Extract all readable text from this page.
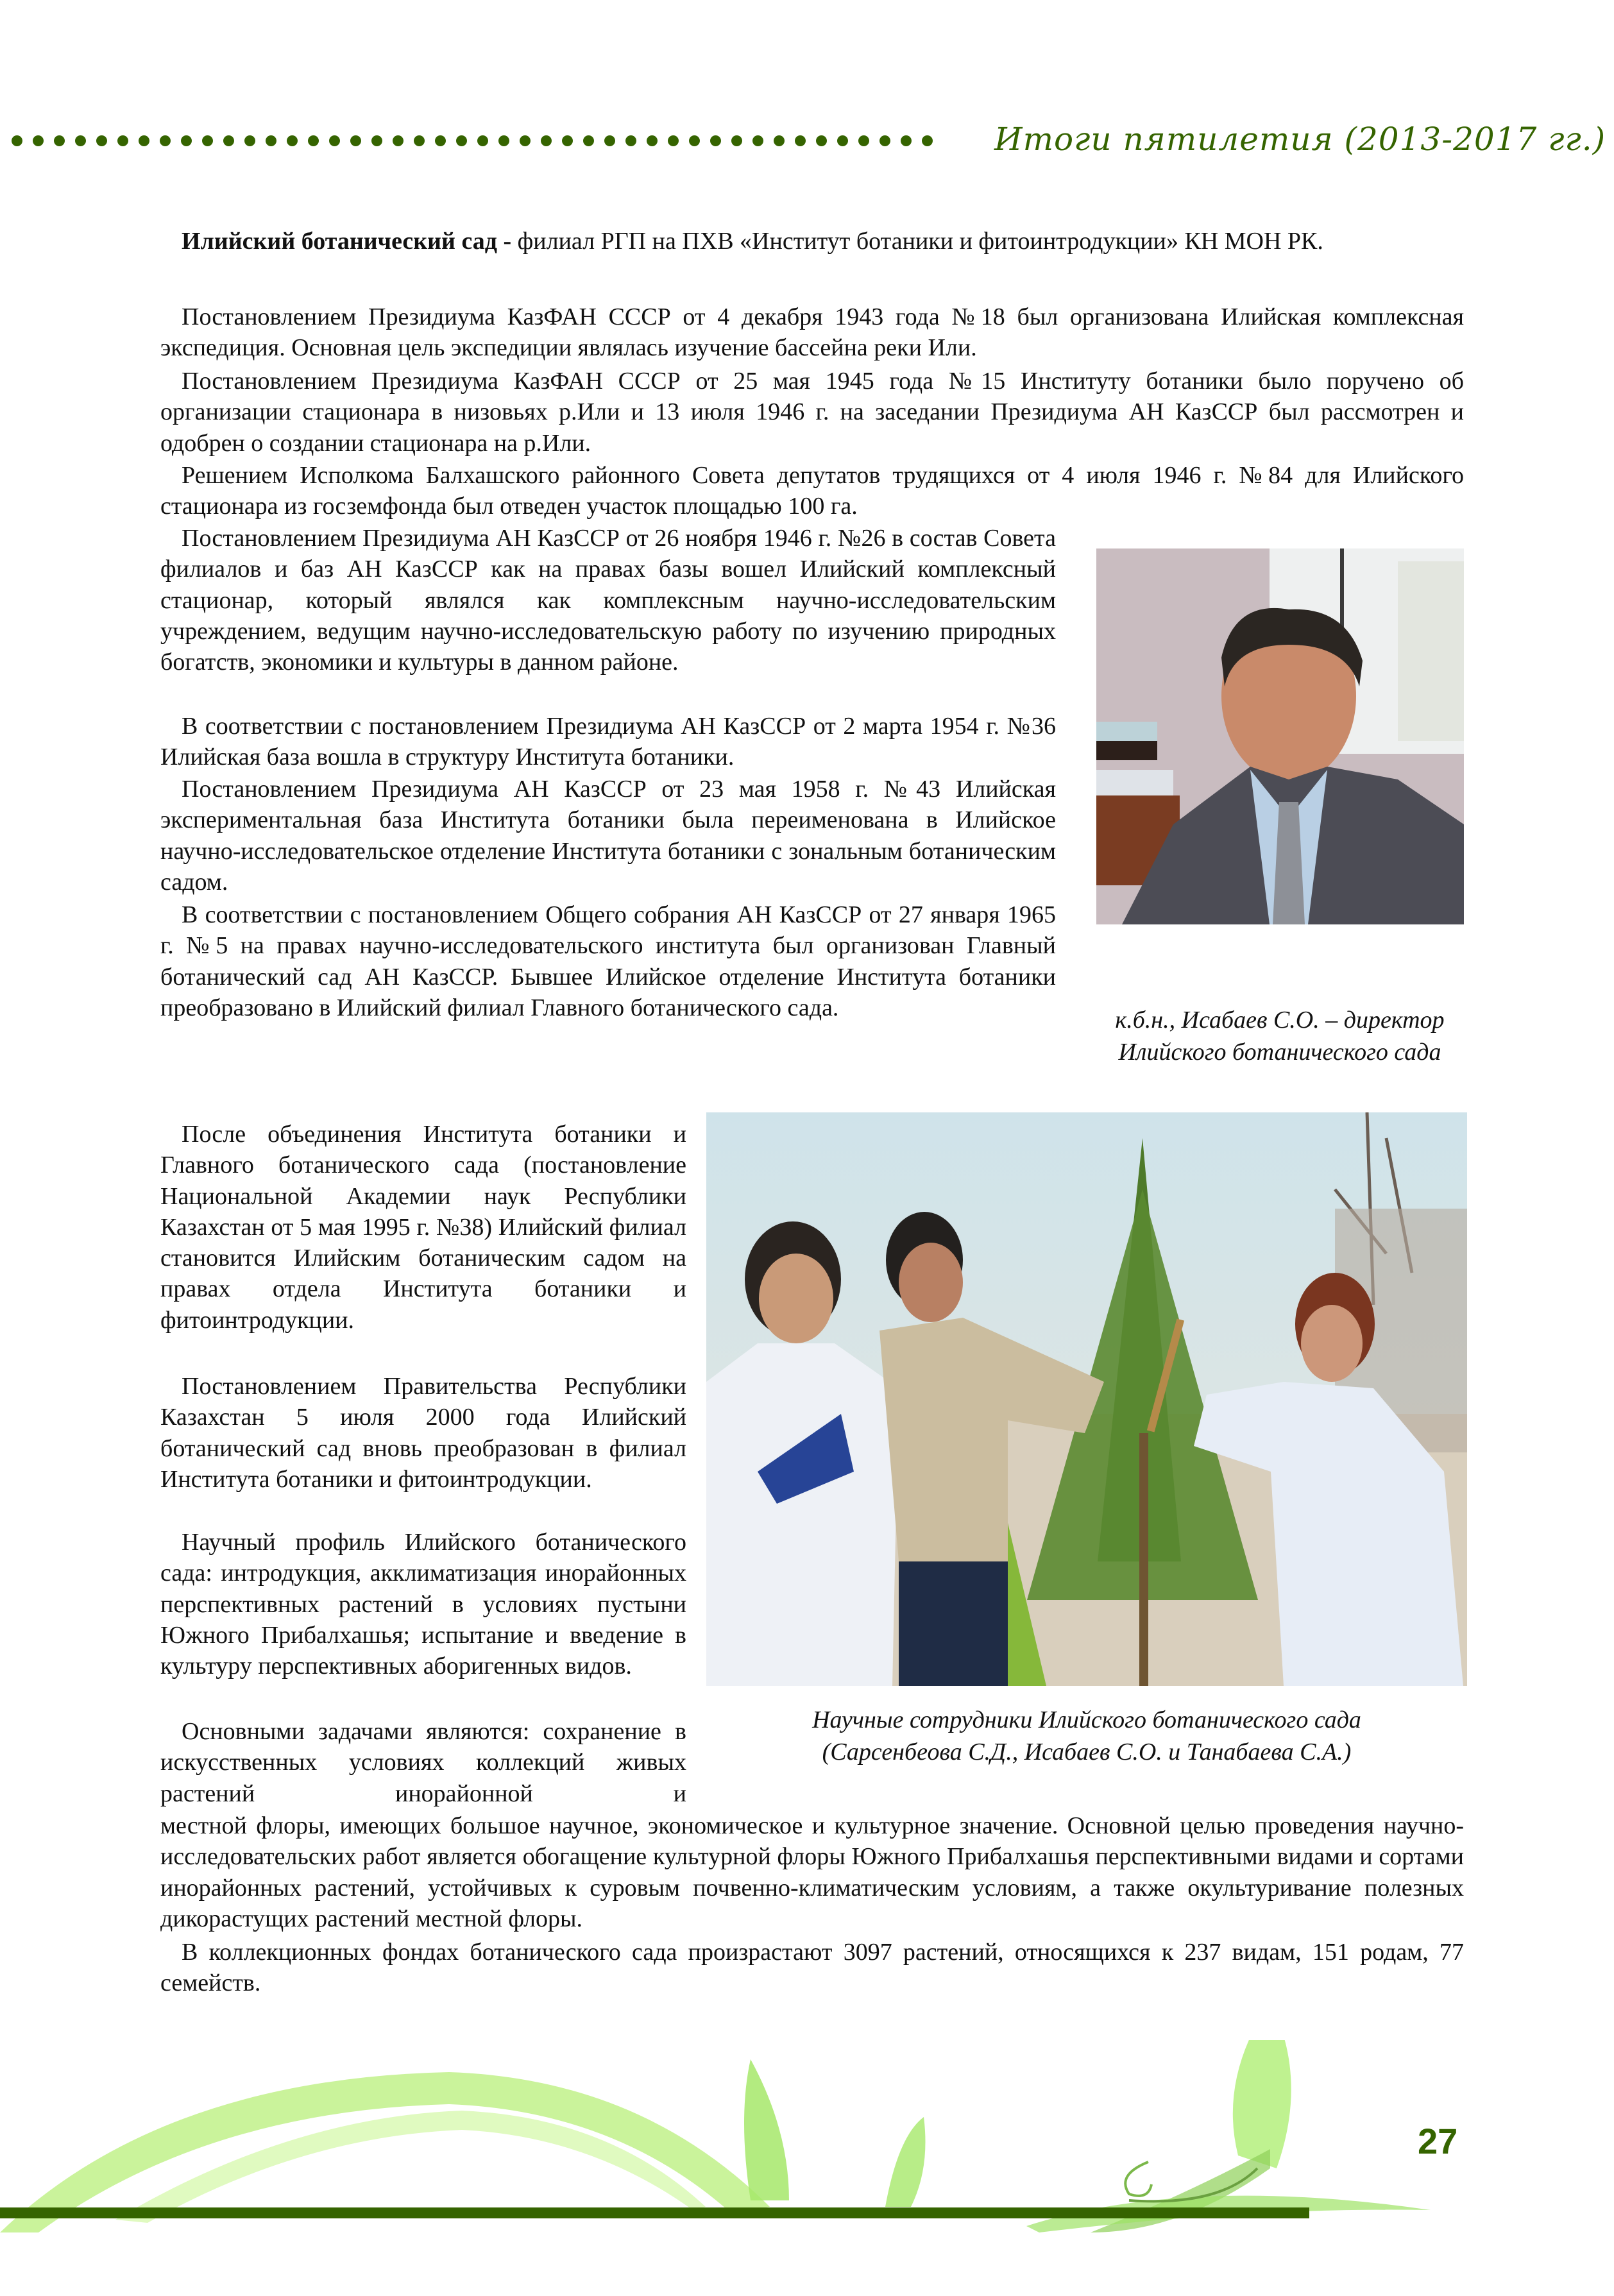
Итоги пятилетия (2013-2017 гг.)
Илийский ботанический сад - филиал РГП на ПХВ «Институт ботаники и фитоинтродукции» КН МОН РК.
Постановлением Президиума КазФАН СССР от 4 декабря 1943 года №18 был организована Илийская комплексная экспедиция. Основная цель экспедиции являлась изучение бассейна реки Или.
Постановлением Президиума КазФАН СССР от 25 мая 1945 года №15 Институту ботаники было поручено об организации стационара в низовьях р.Или и 13 июля 1946 г. на заседании Президиума АН КазССР был рассмотрен и одобрен о создании стационара на р.Или.
Решением Исполкома Балхашского районного Совета депутатов трудящихся от 4 июля 1946 г. №84 для Илийского стационара из госземфонда был отведен участок площадью 100 га.
Постановлением Президиума АН КазССР от 26 ноября 1946 г. №26 в состав Совета филиалов и баз АН КазССР как на правах базы вошел Илийский комплексный стационар, который являлся как комплексным научно-исследовательским учреждением, ведущим научно-исследовательскую работу по изучению природных богатств, экономики и культуры в данном районе.
В соответствии с постановлением Президиума АН КазССР от 2 марта 1954 г. №36 Илийская база вошла в структуру Института ботаники.
Постановлением Президиума АН КазССР от 23 мая 1958 г. №43 Илийская экспериментальная база Института ботаники была переименована в Илийское научно-исследовательское отделение Института ботаники с зональным ботаническим садом.
В соответствии с постановлением Общего собрания АН КазССР от 27 января 1965 г. №5 на правах научно-исследовательского института был организован Главный ботанический сад АН КазССР. Бывшее Илийское отделение Института ботаники преобразовано в Илийский филиал Главного ботанического сада.
После объединения Института ботаники и Главного ботанического сада (постановление Национальной Академии наук Республики Казахстан от 5 мая 1995 г. №38) Илийский филиал становится Илийским ботаническим садом на правах отдела Института ботаники и фитоинтродукции.
Постановлением Правительства Республики Казахстан 5 июля 2000 года Илийский ботанический сад вновь преобразован в филиал Института ботаники и фитоинтродукции.
Научный профиль Илийского ботанического сада: интродукция, акклиматизация инорайонных перспективных растений в условиях пустыни Южного Прибалхашья; испытание и введение в культуру перспективных аборигенных видов.
Основными задачами являются: сохранение в искусственных условиях коллекций живых растений инорайонной и
местной флоры, имеющих большое научное, экономическое и культурное значение. Основной целью проведения научно-исследовательских работ является обогащение культурной флоры Южного Прибалхашья перспективными видами и сортами инорайонных растений, устойчивых к суровым почвенно-климатическим условиям, а также окультуривание полезных дикорастущих растений местной флоры.
В коллекционных фондах ботанического сада произрастают 3097 растений, относящихся к 237 видам, 151 родам, 77 семейств.
к.б.н., Исабаев С.О. – директор
Илийского ботанического сада
Научные сотрудники Илийского ботанического сада
(Сарсенбеова С.Д., Исабаев С.О. и Танабаева С.А.)
27
